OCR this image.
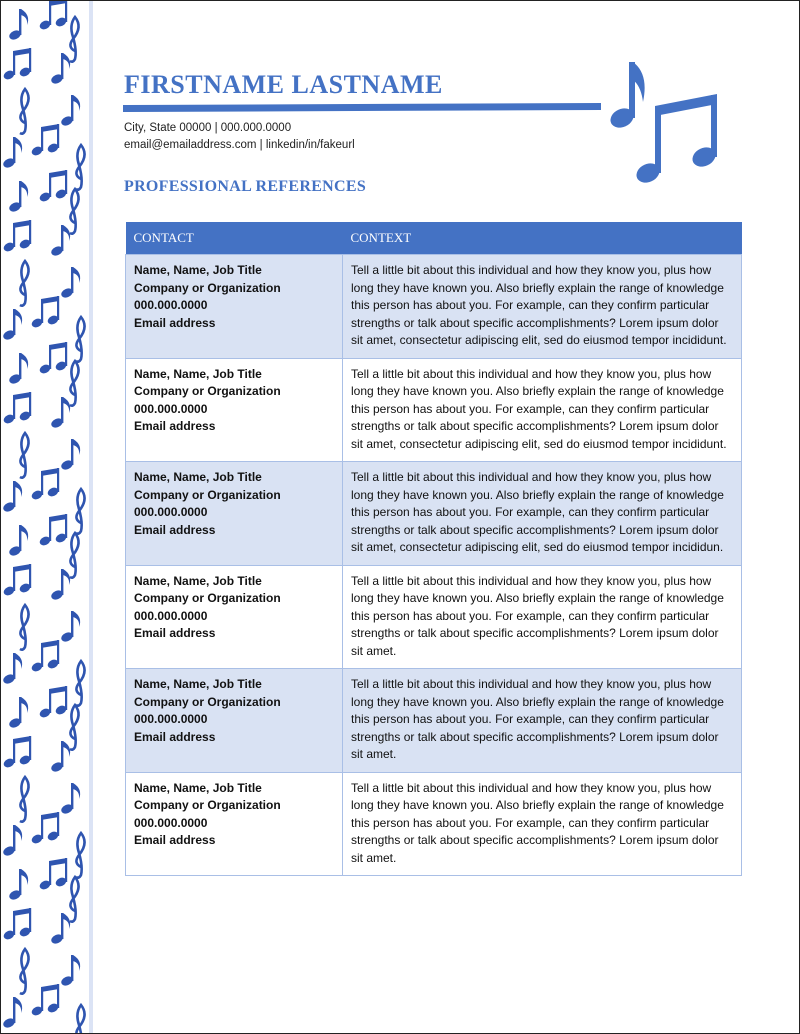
FIRSTNAME LASTNAME
City, State 00000 | 000.000.0000
email@emailaddress.com | linkedin/in/fakeurl
PROFESSIONAL REFERENCES
CONTACT	CONTEXT

Name, Name, Job Title
Company or Organization
000.000.0000
Email address
	Tell a little bit about this individual and how they know you, plus how long they have known you. Also briefly explain the range of knowledge this person has about you. For example, can they confirm particular strengths or talk about specific accomplishments? Lorem ipsum dolor sit amet, consectetur adipiscing elit, sed do eiusmod tempor incididunt.

Name, Name, Job Title
Company or Organization
000.000.0000
Email address
	Tell a little bit about this individual and how they know you, plus how long they have known you. Also briefly explain the range of knowledge this person has about you. For example, can they confirm particular strengths or talk about specific accomplishments? Lorem ipsum dolor sit amet, consectetur adipiscing elit, sed do eiusmod tempor incididunt.

Name, Name, Job Title
Company or Organization
000.000.0000
Email address
	Tell a little bit about this individual and how they know you, plus how long they have known you. Also briefly explain the range of knowledge this person has about you. For example, can they confirm particular strengths or talk about specific accomplishments? Lorem ipsum dolor sit amet, consectetur adipiscing elit, sed do eiusmod tempor incididun.

Name, Name, Job Title
Company or Organization
000.000.0000
Email address
	Tell a little bit about this individual and how they know you, plus how long they have known you. Also briefly explain the range of knowledge this person has about you. For example, can they confirm particular strengths or talk about specific accomplishments? Lorem ipsum dolor sit amet.

Name, Name, Job Title
Company or Organization
000.000.0000
Email address
	Tell a little bit about this individual and how they know you, plus how long they have known you. Also briefly explain the range of knowledge this person has about you. For example, can they confirm particular strengths or talk about specific accomplishments? Lorem ipsum dolor sit amet.

Name, Name, Job Title
Company or Organization
000.000.0000
Email address
	Tell a little bit about this individual and how they know you, plus how long they have known you. Also briefly explain the range of knowledge this person has about you. For example, can they confirm particular strengths or talk about specific accomplishments? Lorem ipsum dolor sit amet.
